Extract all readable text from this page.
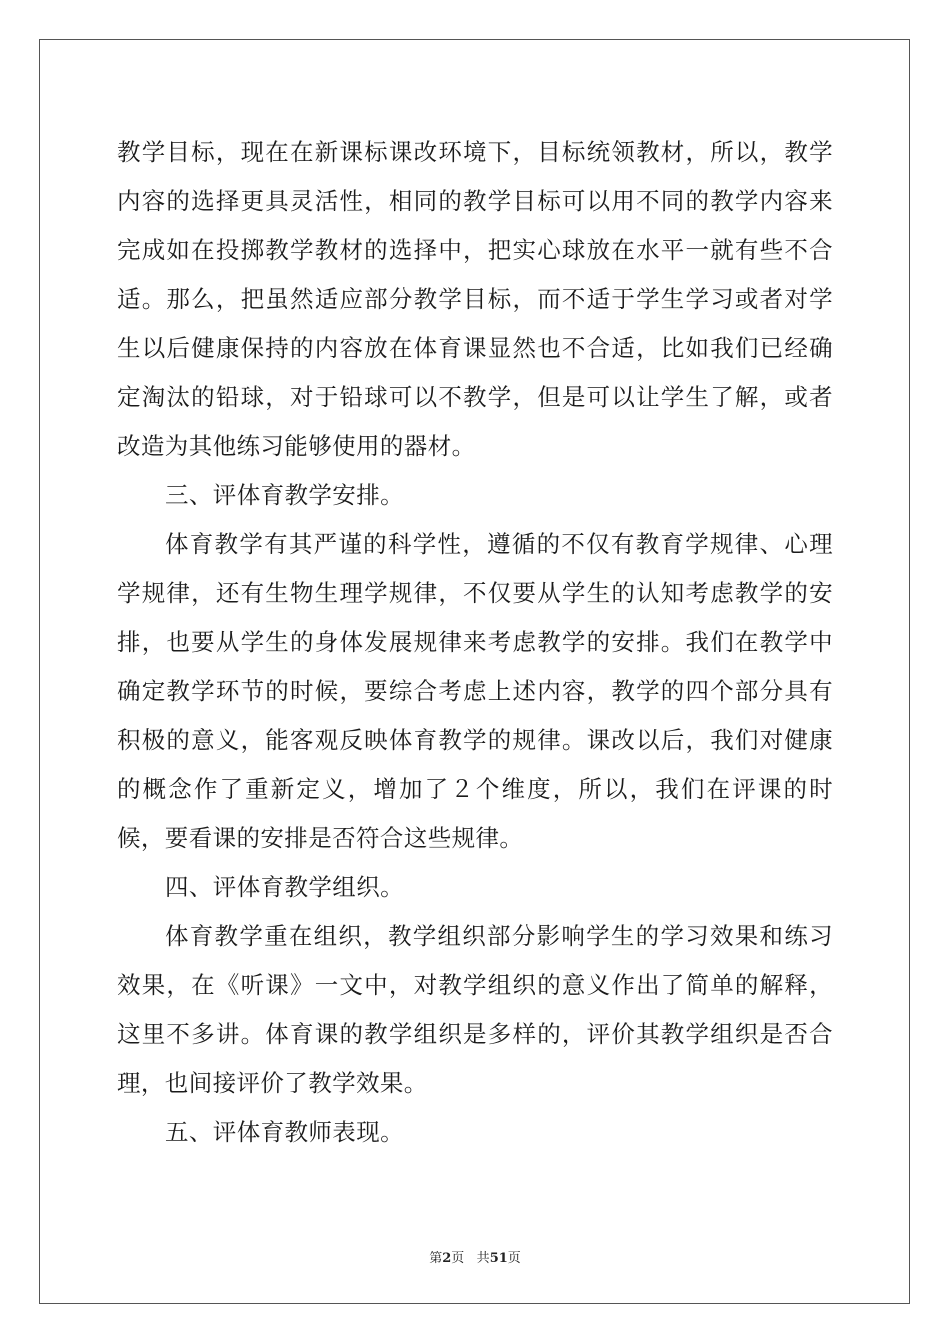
教学目标，现在在新课标课改环境下，目标统领教材，所以，教学内容的选择更具灵活性，相同的教学目标可以用不同的教学内容来完成如在投掷教学教材的选择中，把实心球放在水平一就有些不合适。那么，把虽然适应部分教学目标，而不适于学生学习或者对学生以后健康保持的内容放在体育课显然也不合适，比如我们已经确定淘汰的铅球，对于铅球可以不教学，但是可以让学生了解，或者改造为其他练习能够使用的器材。

三、评体育教学安排。

体育教学有其严谨的科学性，遵循的不仅有教育学规律、心理学规律，还有生物生理学规律，不仅要从学生的认知考虑教学的安排，也要从学生的身体发展规律来考虑教学的安排。我们在教学中确定教学环节的时候，要综合考虑上述内容，教学的四个部分具有积极的意义，能客观反映体育教学的规律。课改以后，我们对健康的概念作了重新定义，增加了２个维度，所以，我们在评课的时候，要看课的安排是否符合这些规律。

四、评体育教学组织。

体育教学重在组织，教学组织部分影响学生的学习效果和练习效果，在《听课》一文中，对教学组织的意义作出了简单的解释，这里不多讲。体育课的教学组织是多样的，评价其教学组织是否合理，也间接评价了教学效果。

五、评体育教师表现。

第2页 共51页
